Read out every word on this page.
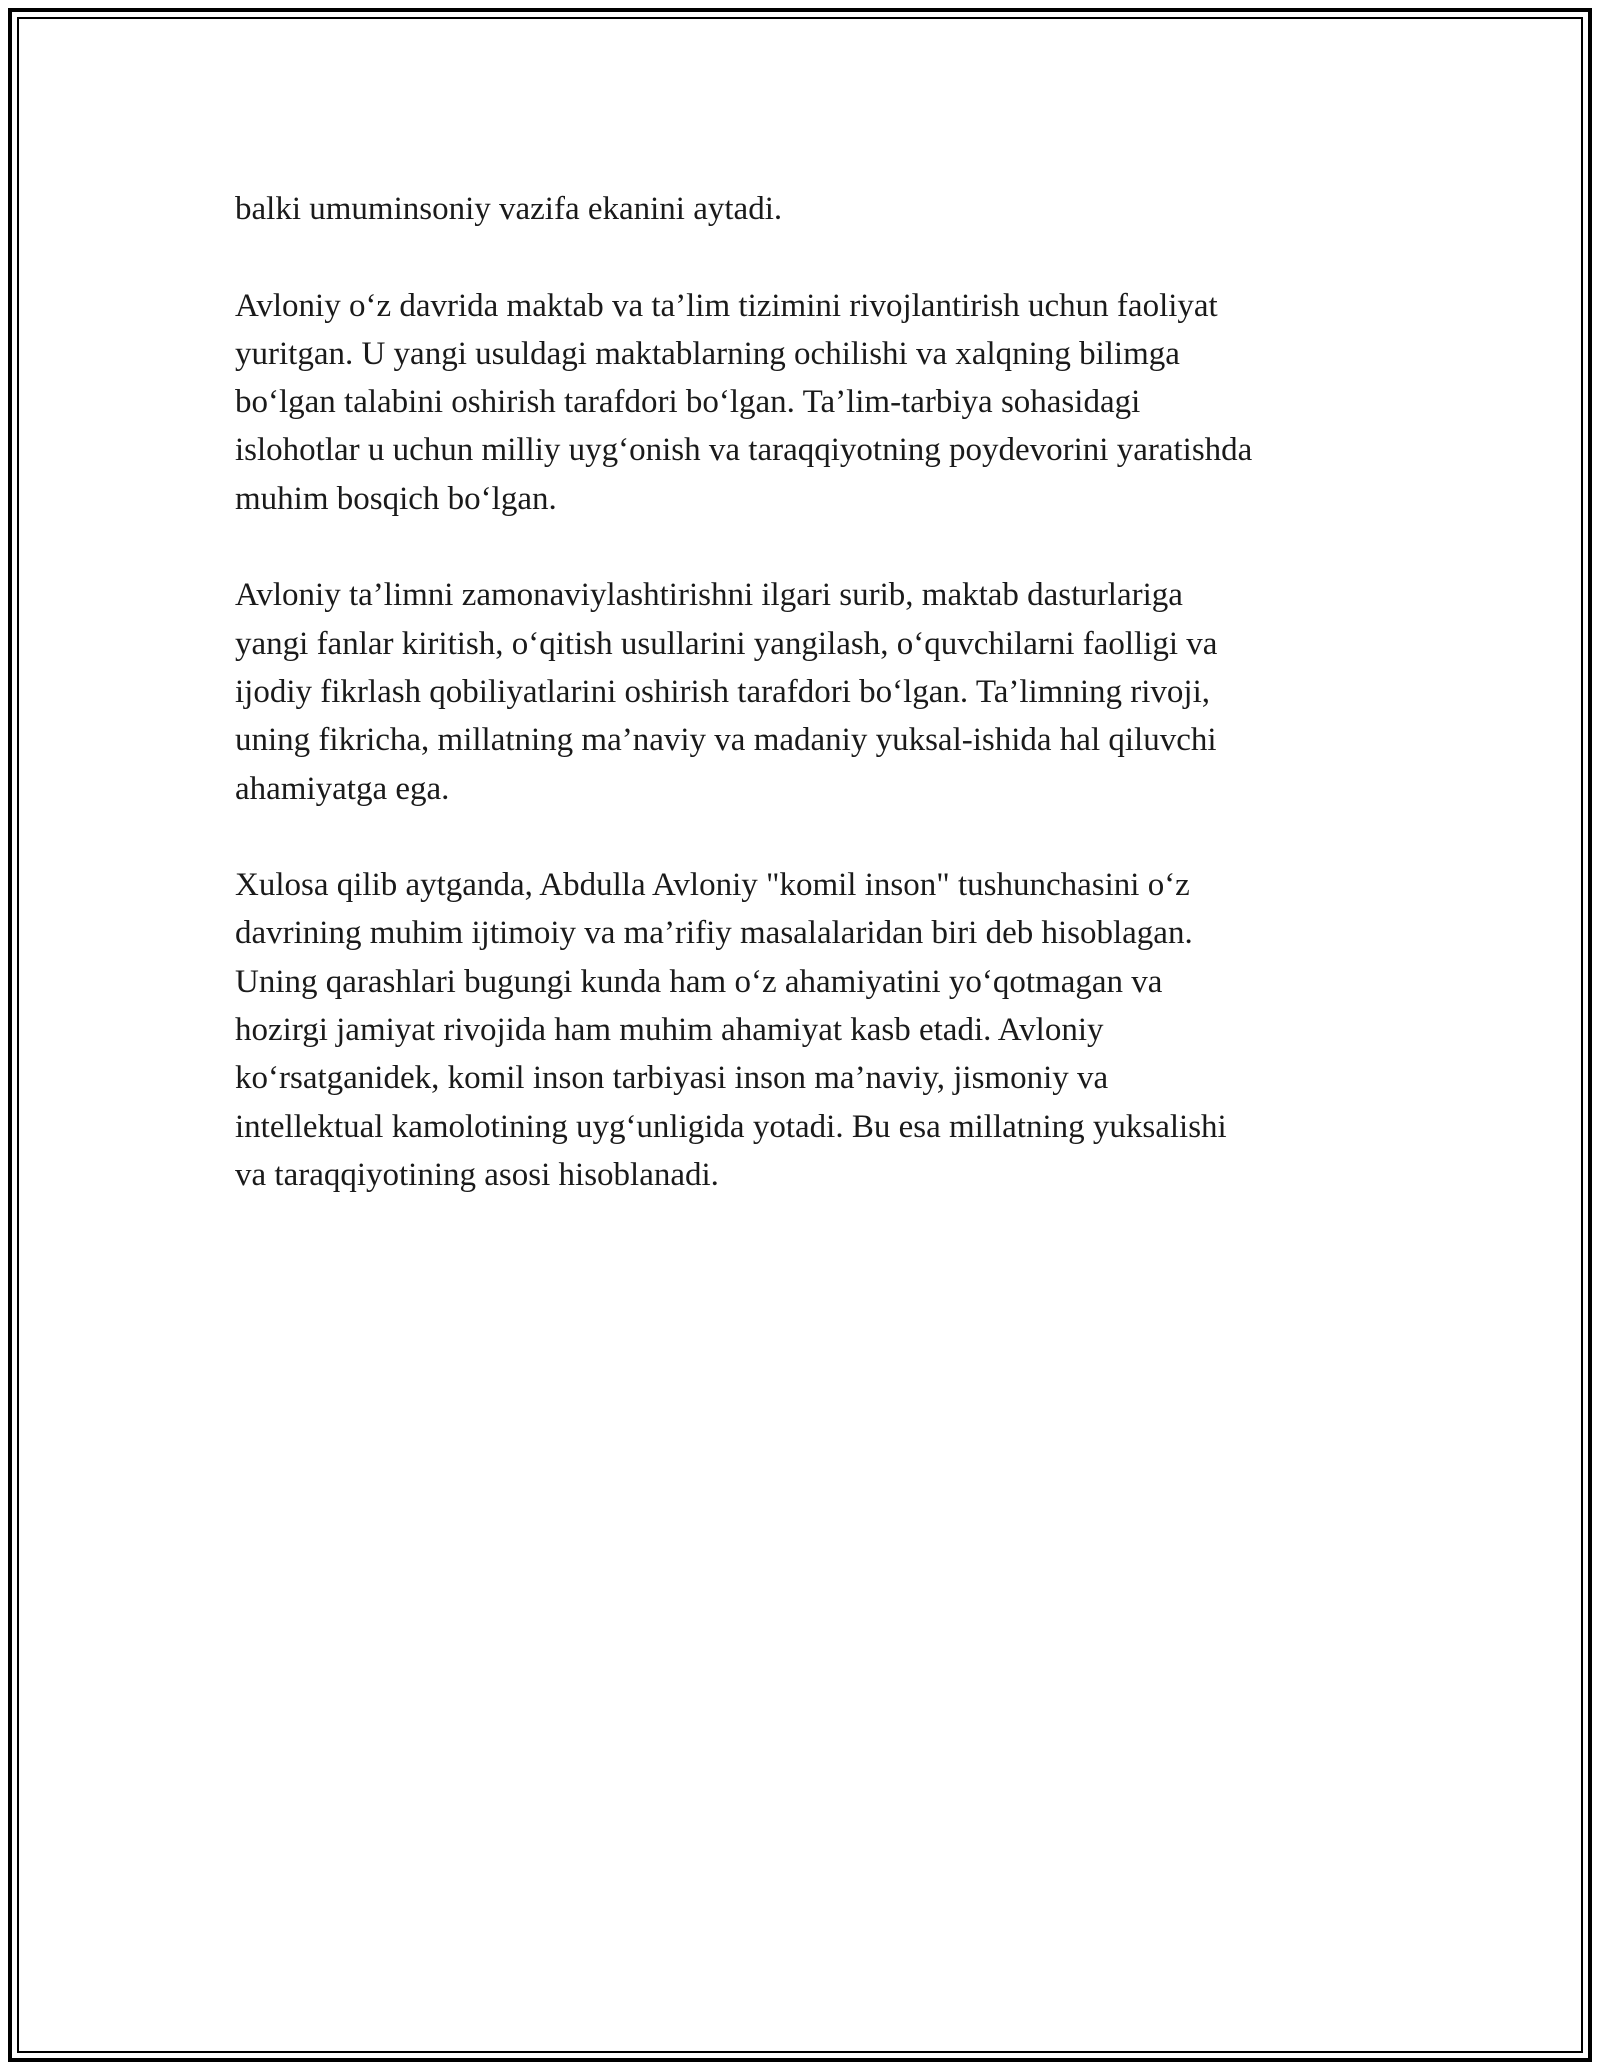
balki umuminsoniy vazifa ekanini aytadi.

Avloniy o‘z davrida maktab va ta’lim tizimini rivojlantirish uchun faoliyat
yuritgan. U yangi usuldagi maktablarning ochilishi va xalqning bilimga
bo‘lgan talabini oshirish tarafdori bo‘lgan. Ta’lim-tarbiya sohasidagi
islohotlar u uchun milliy uyg‘onish va taraqqiyotning poydevorini yaratishda
muhim bosqich bo‘lgan.

Avloniy ta’limni zamonaviylashtirishni ilgari surib, maktab dasturlariga
yangi fanlar kiritish, o‘qitish usullarini yangilash, o‘quvchilarni faolligi va
ijodiy fikrlash qobiliyatlarini oshirish tarafdori bo‘lgan. Ta’limning rivoji,
uning fikricha, millatning ma’naviy va madaniy yuksal-ishida hal qiluvchi
ahamiyatga ega.

Xulosa qilib aytganda, Abdulla Avloniy "komil inson" tushunchasini o‘z
davrining muhim ijtimoiy va ma’rifiy masalalaridan biri deb hisoblagan.
Uning qarashlari bugungi kunda ham o‘z ahamiyatini yo‘qotmagan va
hozirgi jamiyat rivojida ham muhim ahamiyat kasb etadi. Avloniy
ko‘rsatganidek, komil inson tarbiyasi inson ma’naviy, jismoniy va
intellektual kamolotining uyg‘unligida yotadi. Bu esa millatning yuksalishi
va taraqqiyotining asosi hisoblanadi.
